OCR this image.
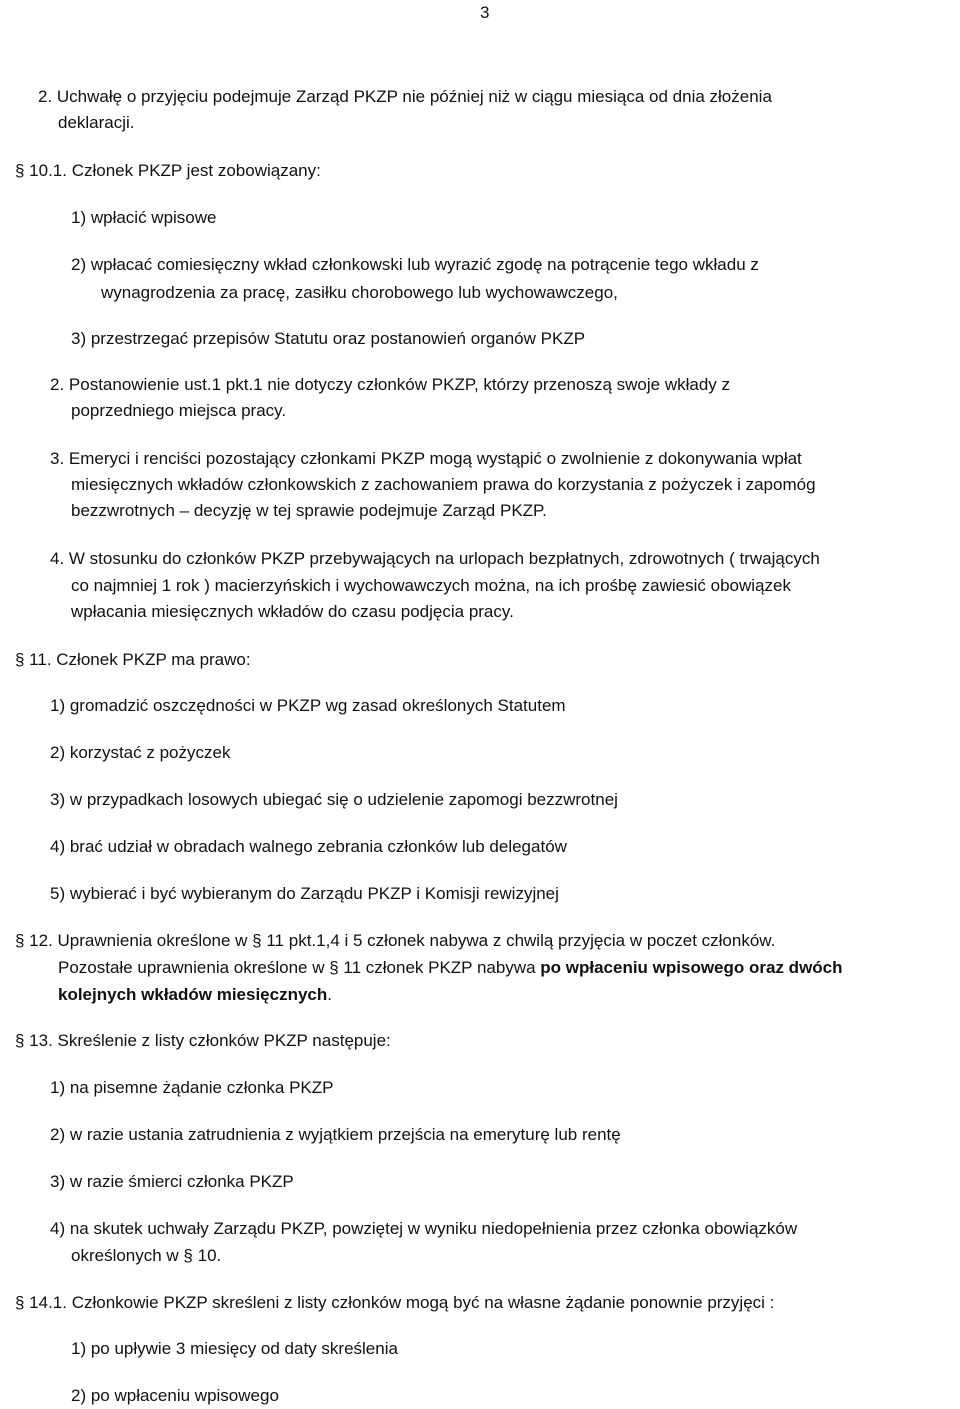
3
2. Uchwałę o przyjęciu podejmuje Zarząd PKZP nie później niż w ciągu miesiąca od dnia złożenia
deklaracji.
§ 10.1. Członek PKZP jest zobowiązany:
1) wpłacić wpisowe
2) wpłacać comiesięczny wkład członkowski lub wyrazić zgodę na potrącenie tego wkładu z
wynagrodzenia za pracę, zasiłku chorobowego lub wychowawczego,
3) przestrzegać przepisów Statutu oraz postanowień organów PKZP
2. Postanowienie ust.1 pkt.1 nie dotyczy członków PKZP, którzy przenoszą swoje wkłady z
poprzedniego miejsca pracy.
3. Emeryci i renciści pozostający członkami PKZP mogą wystąpić o zwolnienie z dokonywania wpłat
miesięcznych wkładów członkowskich z zachowaniem prawa do korzystania z pożyczek i zapomóg
bezzwrotnych – decyzję w tej sprawie podejmuje Zarząd PKZP.
4. W stosunku do członków PKZP przebywających na urlopach bezpłatnych, zdrowotnych ( trwających
co najmniej 1 rok ) macierzyńskich i wychowawczych można, na ich prośbę zawiesić obowiązek
wpłacania miesięcznych wkładów do czasu podjęcia pracy.
§ 11. Członek PKZP ma prawo:
1) gromadzić oszczędności w PKZP wg zasad określonych Statutem
2) korzystać z pożyczek
3) w przypadkach losowych ubiegać się o udzielenie zapomogi bezzwrotnej
4) brać udział w obradach walnego zebrania członków lub delegatów
5) wybierać i być wybieranym do Zarządu PKZP i Komisji rewizyjnej
§ 12. Uprawnienia określone w § 11 pkt.1,4 i 5 członek nabywa z chwilą przyjęcia w poczet członków.
Pozostałe uprawnienia określone w § 11 członek PKZP nabywa po wpłaceniu wpisowego oraz dwóch
kolejnych wkładów miesięcznych.
§ 13. Skreślenie z listy członków PKZP następuje:
1) na pisemne żądanie członka PKZP
2) w razie ustania zatrudnienia z wyjątkiem przejścia na emeryturę lub rentę
3) w razie śmierci członka PKZP
4) na skutek uchwały Zarządu PKZP, powziętej w wyniku niedopełnienia przez członka obowiązków
określonych w § 10.
§ 14.1. Członkowie PKZP skreśleni z listy członków mogą być na własne żądanie ponownie przyjęci :
1) po upływie 3 miesięcy od daty skreślenia
2) po wpłaceniu wpisowego
